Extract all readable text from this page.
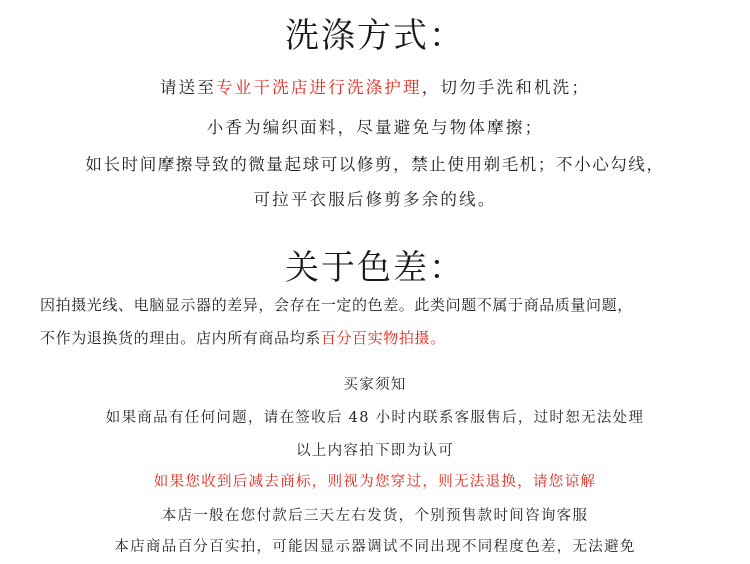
洗涤方式：
请送至专业干洗店进行洗涤护理，切勿手洗和机洗；
小香为编织面料，尽量避免与物体摩擦；
如长时间摩擦导致的微量起球可以修剪，禁止使用剃毛机；不小心勾线，
可拉平衣服后修剪多余的线。
关于色差：
因拍摄光线、电脑显示器的差异，会存在一定的色差。此类问题不属于商品质量问题，
不作为退换货的理由。店内所有商品均系百分百实物拍摄。
买家须知
如果商品有任何问题，请在签收后 48 小时内联系客服售后，过时恕无法处理
以上内容拍下即为认可
如果您收到后减去商标，则视为您穿过，则无法退换，请您谅解
本店一般在您付款后三天左右发货，个别预售款时间咨询客服
本店商品百分百实拍，可能因显示器调试不同出现不同程度色差，无法避免
